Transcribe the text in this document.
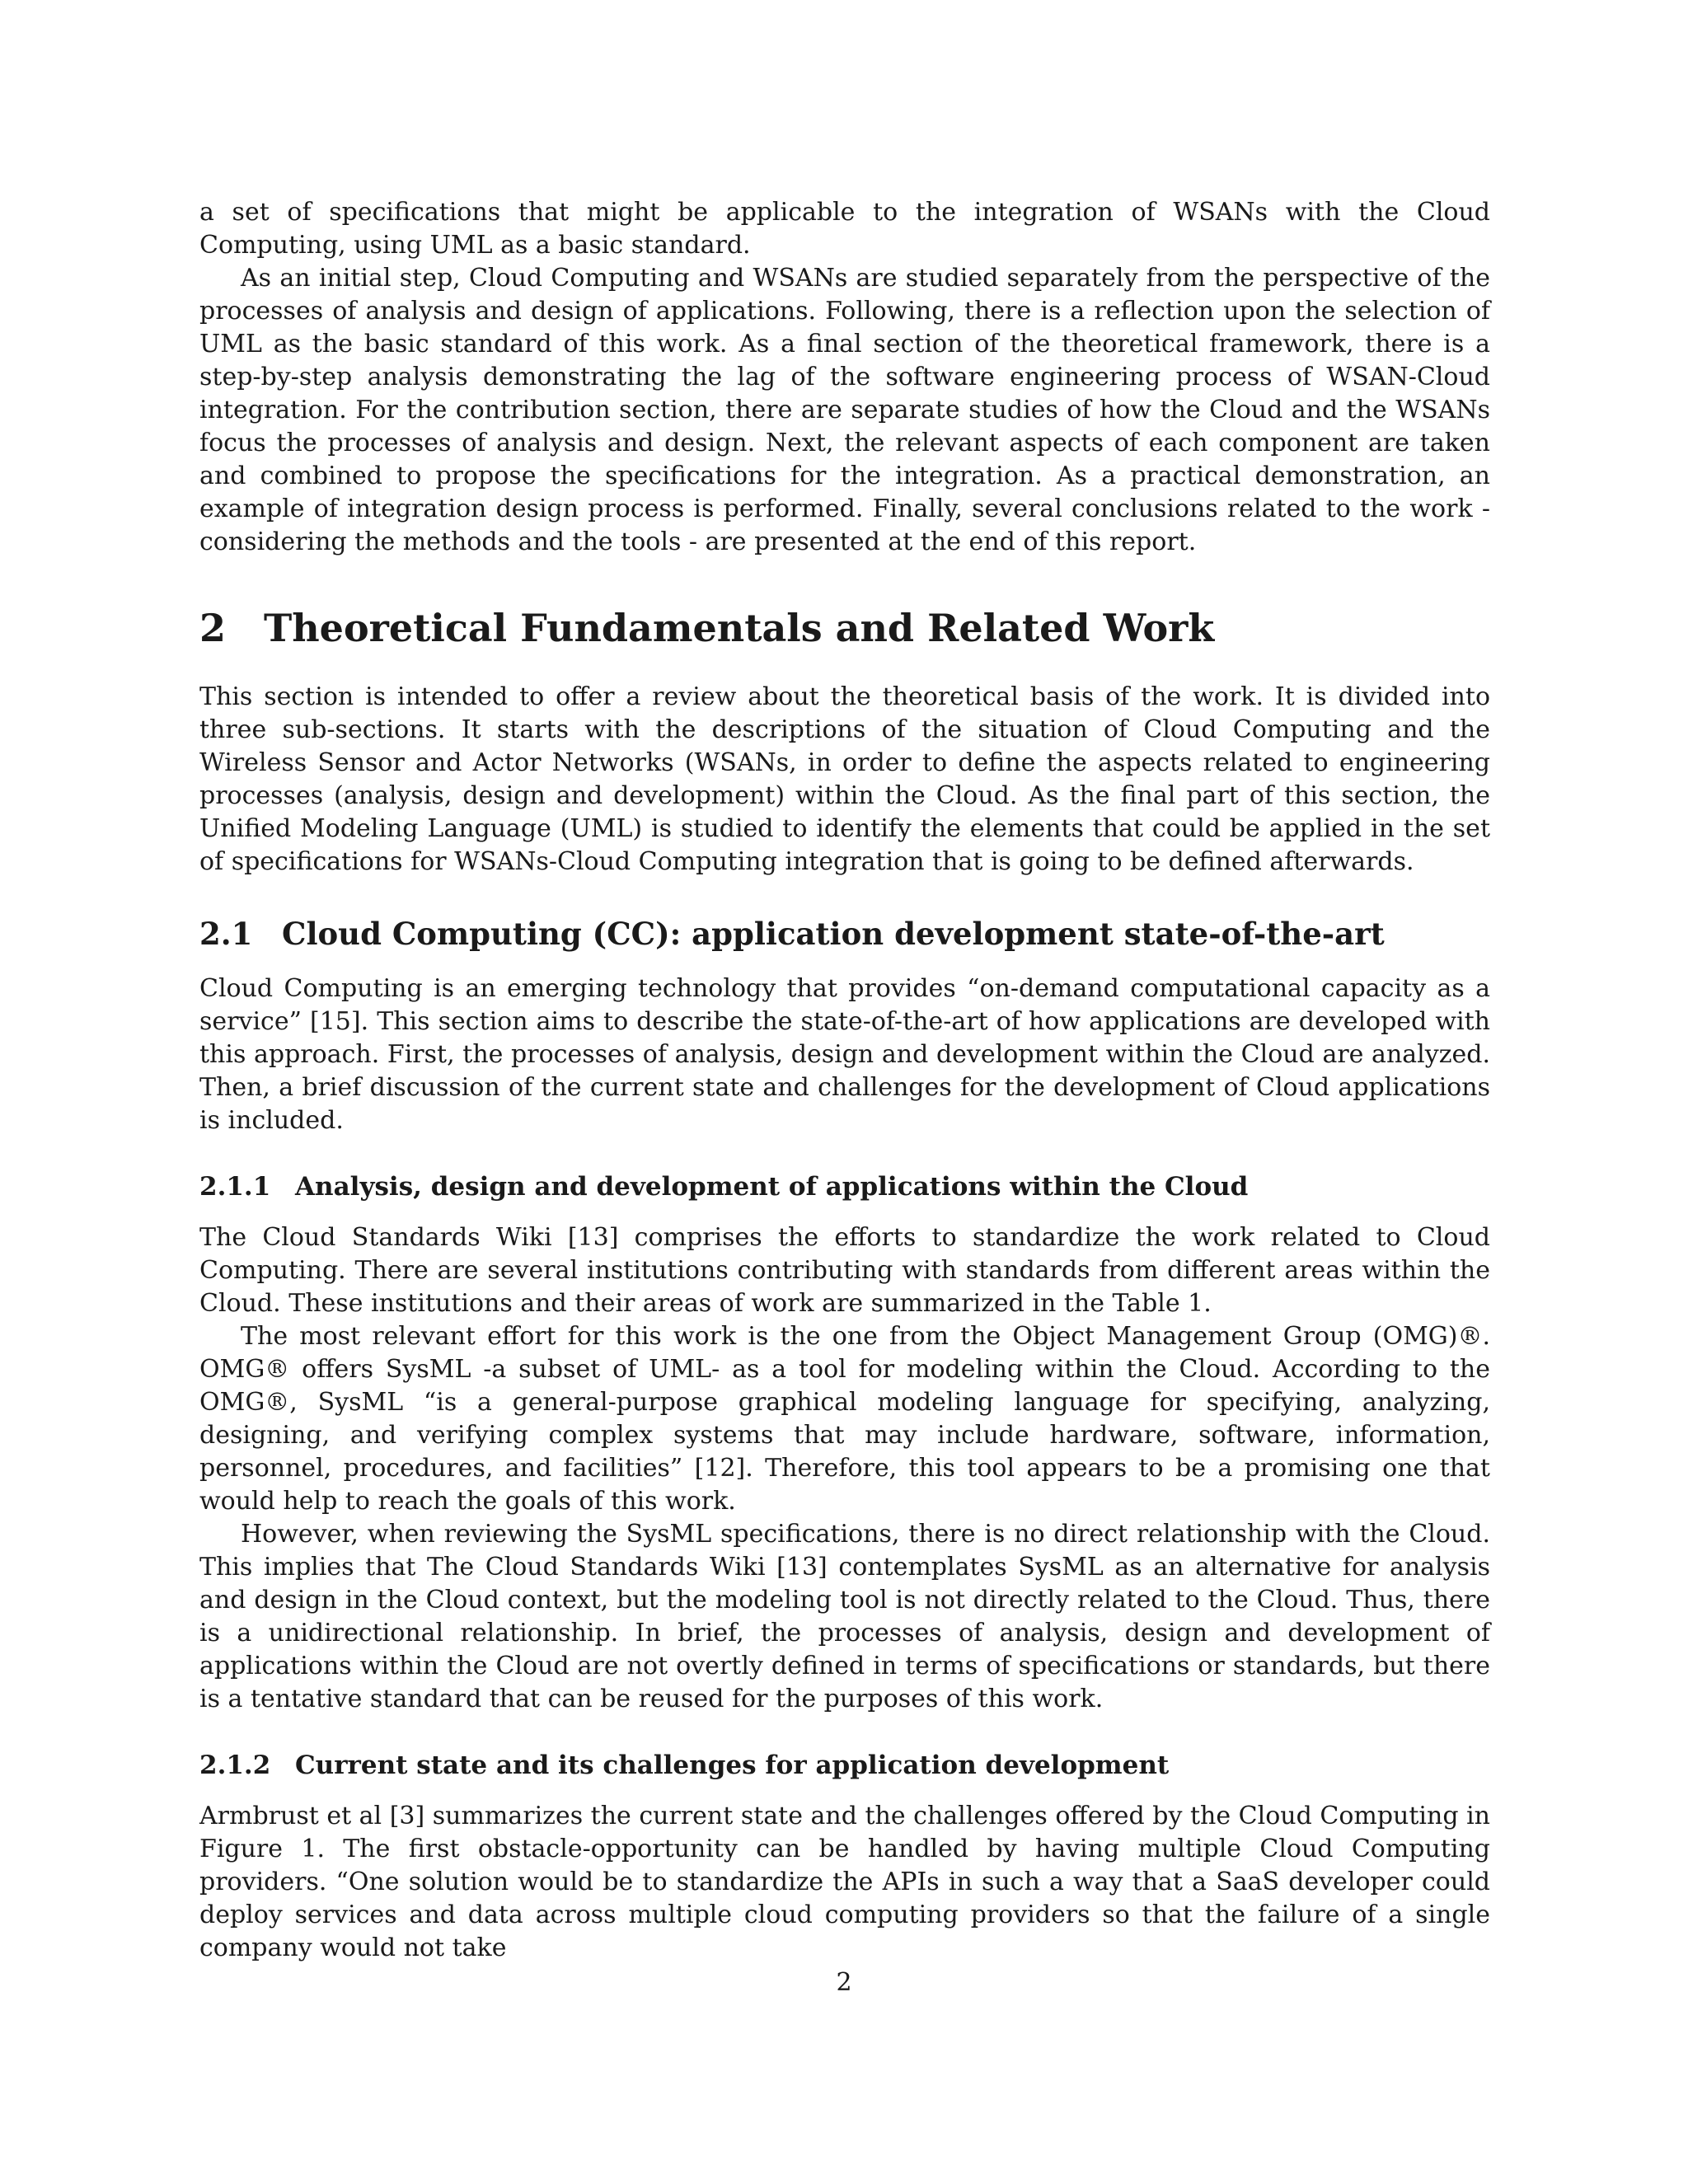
a set of specifications that might be applicable to the integration of WSANs with the Cloud Computing, using UML as a basic standard.

As an initial step, Cloud Computing and WSANs are studied separately from the perspective of the processes of analysis and design of applications. Following, there is a reflection upon the selection of UML as the basic standard of this work. As a final section of the theoretical framework, there is a step-by-step analysis demonstrating the lag of the software engineering process of WSAN-Cloud integration. For the contribution section, there are separate studies of how the Cloud and the WSANs focus the processes of analysis and design. Next, the relevant aspects of each component are taken and combined to propose the specifications for the integration. As a practical demonstration, an example of integration design process is performed. Finally, several conclusions related to the work - considering the methods and the tools - are presented at the end of this report.

2 Theoretical Fundamentals and Related Work

This section is intended to offer a review about the theoretical basis of the work. It is divided into three sub-sections. It starts with the descriptions of the situation of Cloud Computing and the Wireless Sensor and Actor Networks (WSANs, in order to define the aspects related to engineering processes (analysis, design and development) within the Cloud. As the final part of this section, the Unified Modeling Language (UML) is studied to identify the elements that could be applied in the set of specifications for WSANs-Cloud Computing integration that is going to be defined afterwards.

2.1 Cloud Computing (CC): application development state-of-the-art

Cloud Computing is an emerging technology that provides “on-demand computational capacity as a service” [15]. This section aims to describe the state-of-the-art of how applications are developed with this approach. First, the processes of analysis, design and development within the Cloud are analyzed. Then, a brief discussion of the current state and challenges for the development of Cloud applications is included.

2.1.1 Analysis, design and development of applications within the Cloud

The Cloud Standards Wiki [13] comprises the efforts to standardize the work related to Cloud Computing. There are several institutions contributing with standards from different areas within the Cloud. These institutions and their areas of work are summarized in the Table 1.

The most relevant effort for this work is the one from the Object Management Group (OMG)®. OMG® offers SysML -a subset of UML- as a tool for modeling within the Cloud. According to the OMG®, SysML “is a general-purpose graphical modeling language for specifying, analyzing, designing, and verifying complex systems that may include hardware, software, information, personnel, procedures, and facilities” [12]. Therefore, this tool appears to be a promising one that would help to reach the goals of this work.

However, when reviewing the SysML specifications, there is no direct relationship with the Cloud. This implies that The Cloud Standards Wiki [13] contemplates SysML as an alternative for analysis and design in the Cloud context, but the modeling tool is not directly related to the Cloud. Thus, there is a unidirectional relationship. In brief, the processes of analysis, design and development of applications within the Cloud are not overtly defined in terms of specifications or standards, but there is a tentative standard that can be reused for the purposes of this work.

2.1.2 Current state and its challenges for application development

Armbrust et al [3] summarizes the current state and the challenges offered by the Cloud Computing in Figure 1. The first obstacle-opportunity can be handled by having multiple Cloud Computing providers. “One solution would be to standardize the APIs in such a way that a SaaS developer could deploy services and data across multiple cloud computing providers so that the failure of a single company would not take

2
